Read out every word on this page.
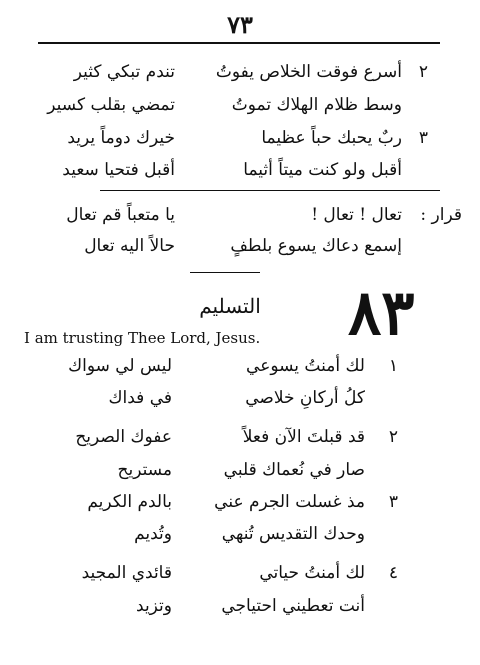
٧٣
٢
أسرع فوقت الخلاص يفوتُ
تندم تبكي كثير
وسط ظلام الهلاك تموتُ
تمضي بقلب كسير
٣
ربٌ يحبك حباً عظيما
خيرك دوماً يريد
أقبل ولو كنت ميتاً أثيما
أقبل فتحيا سعيد
قرار :
تعال ! تعال !
يا متعباً قم تعال
إسمع دعاك يسوع بلطفٍ
حالاً اليه تعال
٨٣
التسليم
I am trusting Thee Lord, Jesus.
١
لك أمنتُ يسوعي
ليس لي سواك
كلُ أركانِ خلاصي
في فداك
٢
قد قبلتَ الآن فعلاً
عفوك الصريح
صار في نُعماك قلبي
مستريح
٣
مذ غسلت الجرم عني
بالدم الكريم
وحدك التقديس تُنهي
وتُديم
٤
لك أمنتُ حياتي
قائدي المجيد
أنت تعطيني احتياجي
وتزيد
